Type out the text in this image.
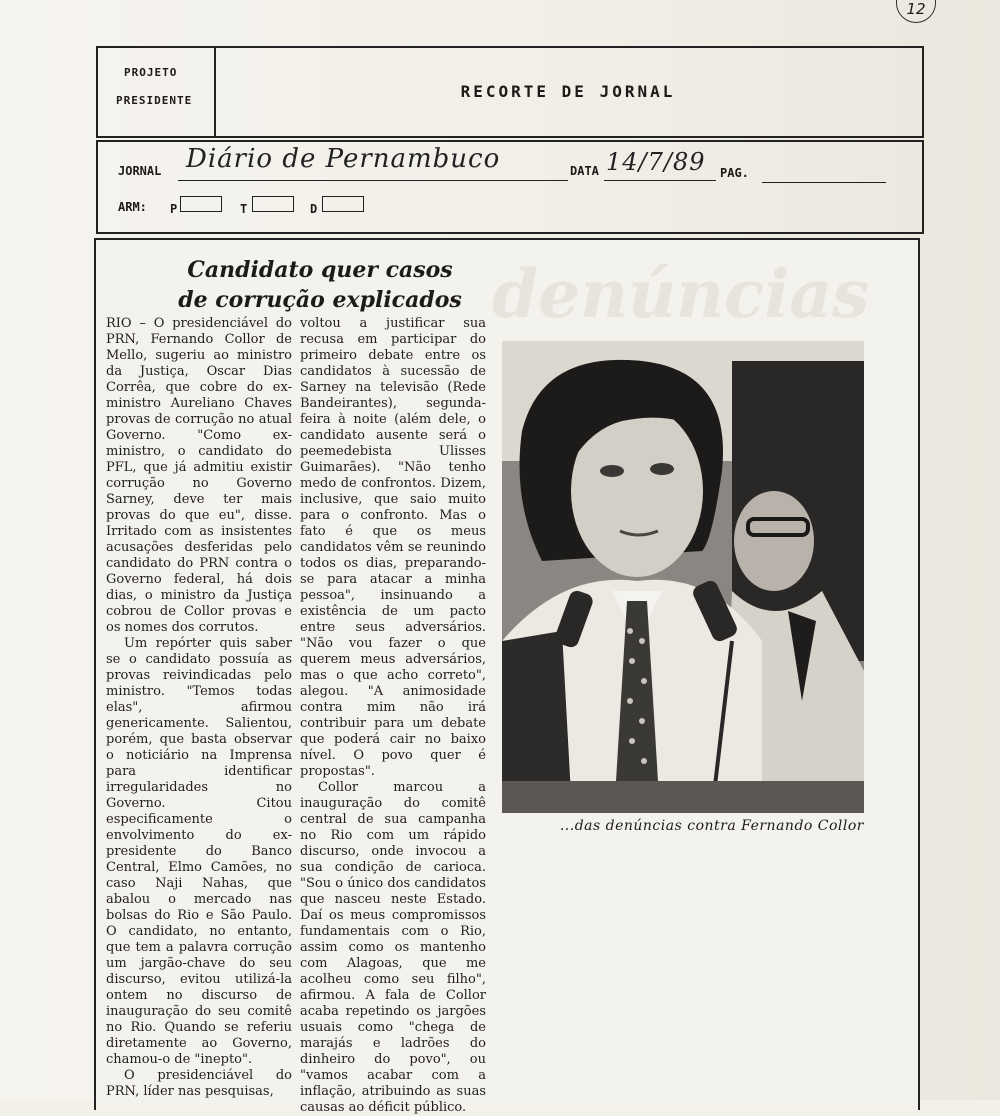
12
PROJETO
PRESIDENTE	RECORTE DE JORNAL
JORNAL Diário de Pernambuco	DATA 14/7/89 PAG.
ARM: P	T	D
denúncias
Candidato quer casos
de corrução explicados

RIO – O presidenciável do PRN, Fernando Collor de Mello, sugeriu ao ministro da Justiça, Oscar Dias Corrêa, que cobre do ex-ministro Aureliano Chaves provas de corrução no atual Governo. "Como ex-ministro, o candidato do PFL, que já admitiu existir corrução no Governo Sarney, deve ter mais provas do que eu", disse. Irritado com as insistentes acusações desferidas pelo candidato do PRN contra o Governo federal, há dois dias, o ministro da Justiça cobrou de Collor provas e os nomes dos corrutos.

Um repórter quis saber se o candidato possuía as provas reivindicadas pelo ministro. "Temos todas elas", afirmou genericamente. Salientou, porém, que basta observar o noticiário na Imprensa para identificar irregularidades no Governo. Citou especificamente o envolvimento do ex-presidente do Banco Central, Elmo Camões, no caso Naji Nahas, que abalou o mercado nas bolsas do Rio e São Paulo. O candidato, no entanto, que tem a palavra corrução um jargão-chave do seu discurso, evitou utilizá-la ontem no discurso de inauguração do seu comitê no Rio. Quando se referiu diretamente ao Governo, chamou-o de "inepto".

O presidenciável do PRN, líder nas pesquisas,

voltou a justificar sua recusa em participar do primeiro debate entre os candidatos à sucessão de Sarney na televisão (Rede Bandeirantes), segunda-feira à noite (além dele, o candidato ausente será o peemedebista Ulisses Guimarães). "Não tenho medo de confrontos. Dizem, inclusive, que saio muito para o confronto. Mas o fato é que os meus candidatos vêm se reunindo todos os dias, preparando-se para atacar a minha pessoa", insinuando a existência de um pacto entre seus adversários. "Não vou fazer o que querem meus adversários, mas o que acho correto", alegou. "A animosidade contra mim não irá contribuir para um debate que poderá cair no baixo nível. O povo quer é propostas".

Collor marcou a inauguração do comitê central de sua campanha no Rio com um rápido discurso, onde invocou a sua condição de carioca. "Sou o único dos candidatos que nasceu neste Estado. Daí os meus compromissos fundamentais com o Rio, assim como os mantenho com Alagoas, que me acolheu como seu filho", afirmou. A fala de Collor acaba repetindo os jargões usuais como "chega de marajás e ladrões do dinheiro do povo", ou "vamos acabar com a inflação, atribuindo as suas causas ao déficit público.

...das denúncias contra Fernando Collor
